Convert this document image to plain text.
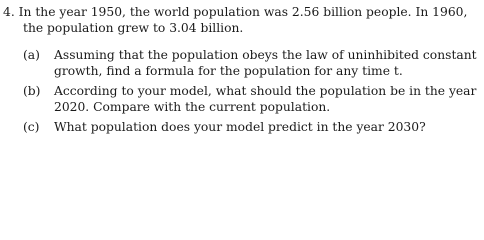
4. In the year 1950, the world population was 2.56 billion people. In 1960,
the population grew to 3.04 billion.
(a) Assuming that the population obeys the law of uninhibited constant
growth, find a formula for the population for any time t.
(b) According to your model, what should the population be in the year
2020. Compare with the current population.
(c) What population does your model predict in the year 2030?
